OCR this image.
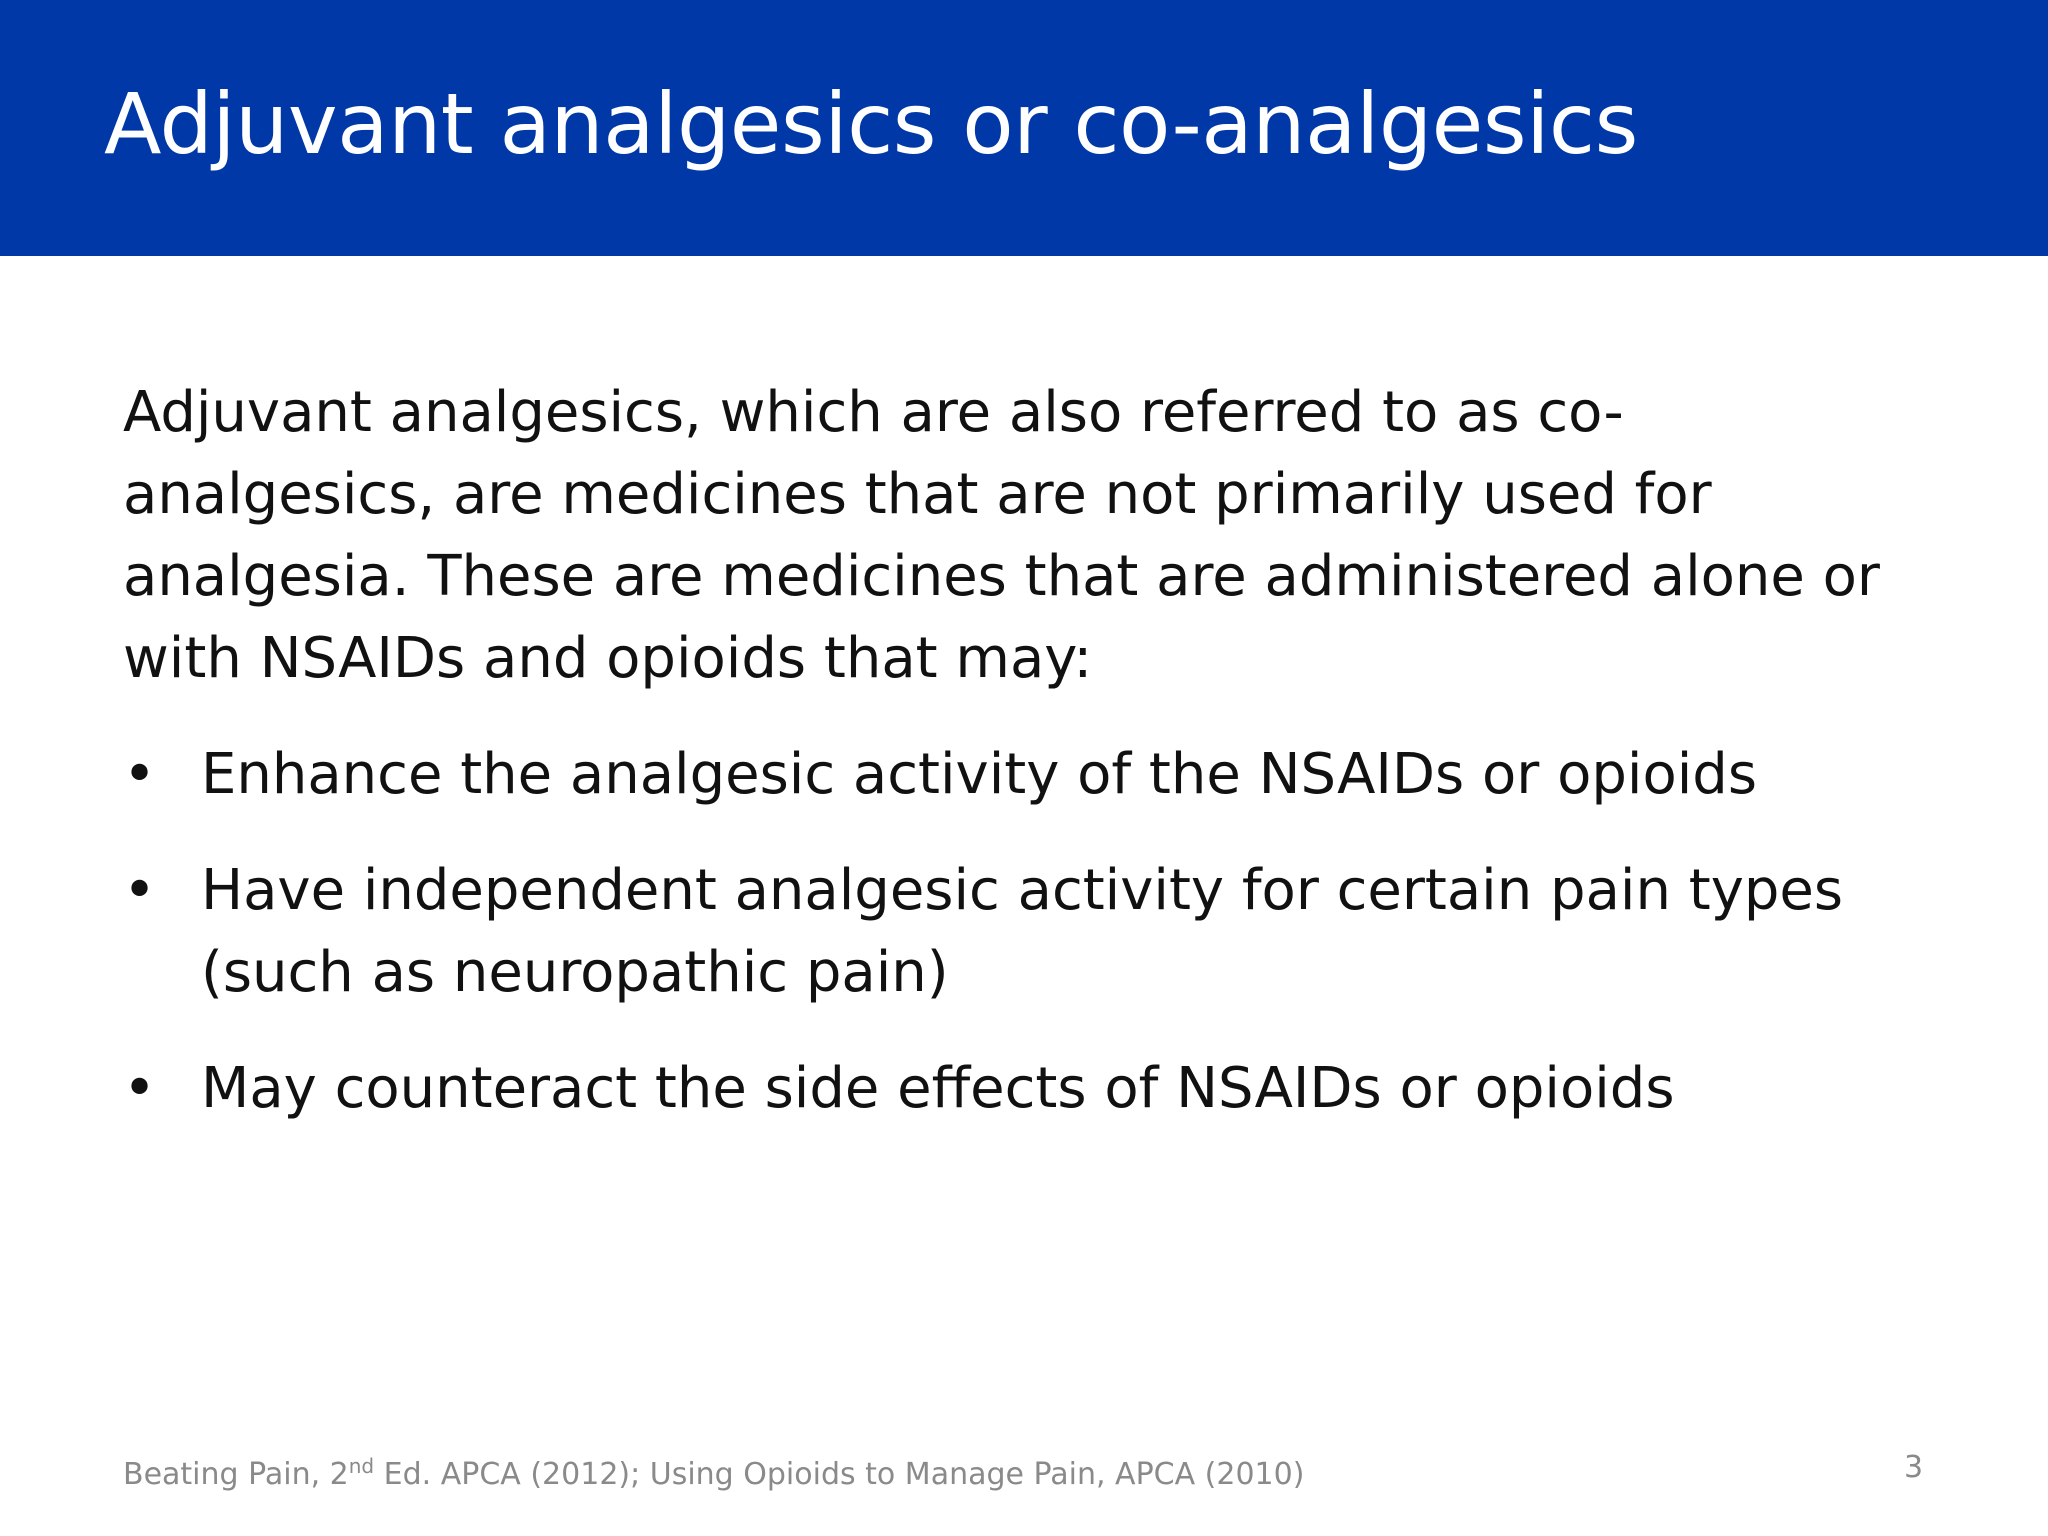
Adjuvant analgesics or co-analgesics

Adjuvant analgesics, which are also referred to as co-analgesics, are medicines that are not primarily used for analgesia. These are medicines that are administered alone or with NSAIDs and opioids that may:

• Enhance the analgesic activity of the NSAIDs or opioids
• Have independent analgesic activity for certain pain types (such as neuropathic pain)
• May counteract the side effects of NSAIDs or opioids
Beating Pain, 2nd Ed. APCA (2012); Using Opioids to Manage Pain, APCA (2010)	3
